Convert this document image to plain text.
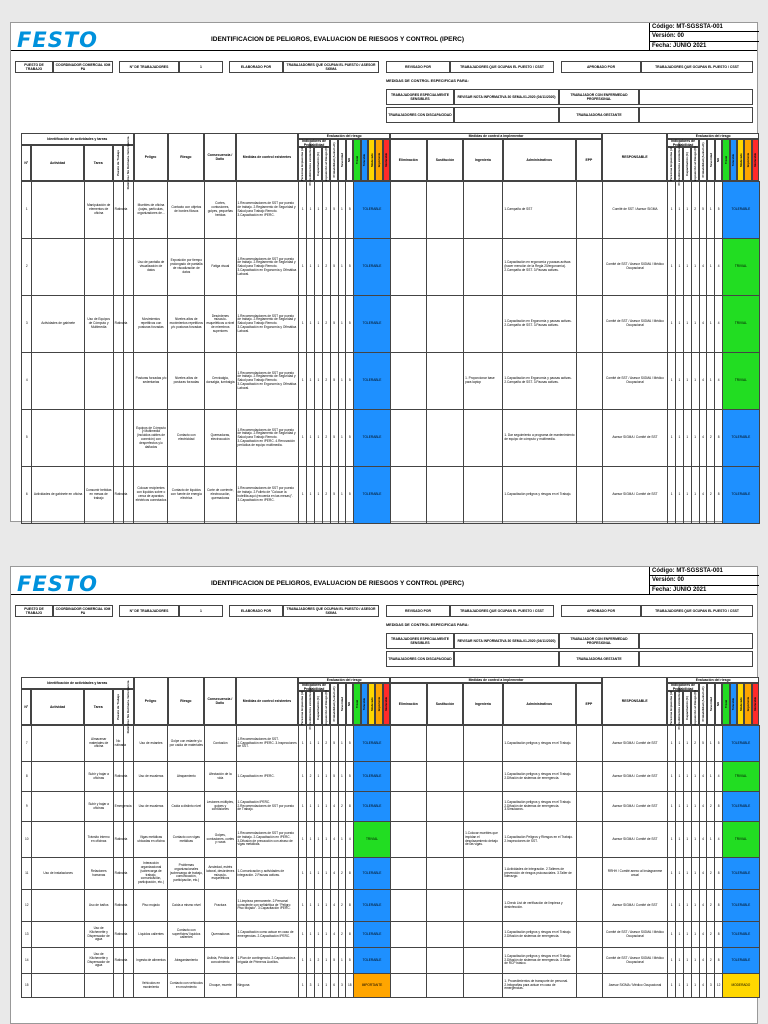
FESTO	IDENTIFICACION DE PELIGROS, EVALUACION DE RIESGOS Y CONTROL (IPERC)
Código: MT-SGSSTA-001
Versión: 00
Fecha: JUNIO 2021
PUESTO DE TRABAJO
COORDINADOR COMERCIAL IOM PA	N° DE TRABAJADORES	1	ELABORADO POR	TRABAJADORES QUE OCUPAN EL PUESTO / ASESOR SIGMA	REVISADO POR	TRABAJADORES QUE OCUPAN EL PUESTO / CSST	APROBADO POR	TRABAJADORES QUE OCUPAN EL PUESTO / CSST
MEDIDAS DE CONTROL ESPECIFICAS PARA:
TRABAJADORES ESPECIALMENTE SENSIBLES	REVISAR NOTA INFORMATIVA 30 SEMA-01-2020 (04/11/2020)	TRABAJADOR CON ENFERMEDAD PROFESIONAL
TRABAJADORES CON DISCAPACIDAD	TRABAJADORA GESTANTE
Identificación de actividades y tareas
N°	Actividad	Tarea	Puesto de Trabajo Rutinaria / No Rutinaria / Emergencia	Peligro	Riesgo	Consecuencia / Daño	Medidas de control existentes
Evaluación del riesgo
Indicadores de Probabilidad
Personas Expuestas (A) Procedimientos existentes (B) Capacitación (C) Exposición al Riesgo (D) Probabilidad (A+B+C+D) Severidad NR Trivial Tolerable Moderado Importante Intolerable
Medidas de control a implementar
Eliminación	Sustitución	Ingeniería	Administrativos	EPP
RESPONSABLE
Evaluación del riesgo
Indicadores de Probabilidad
Personas Expuestas (A) Procedimientos existentes (B) Capacitación (C) Exposición al Riesgo (D) Probabilidad (A+B+C+D) Severidad NR Trivial Tolerable Moderado Importante Intolerable
1		Manipulación de elementos de oficina	Rutinaria		Muebles de oficina (cajas, partículas, organizadores de...	Contacto con objetos de bordes filosos	Cortes, contusiones, golpes, pequeñas heridas	1.Recomendaciones de SST por puesto de trabajo. 2.Reglamento de Seguridad y Salud para Trabajo Remoto. 3.Capacitación en IPERC.	1	1	1	2	5	1	5	TOLERABLE				1.Campaña de SST		Comité de SST / Asesor SIGMA	1	1	1	2	5	1	5	TOLERABLE
2					Uso de pantalla de visualización de datos	Exposición por tiempo prolongado de pantalla de visualización de datos	Fatiga visual	1.Recomendaciones de SST por puesto de trabajo. 2.Reglamento de Seguridad y Salud para Trabajo Remoto. 3.Capacitación en Ergonomía y Ofimática Laboral.	1	1	1	2	5	1	5	TOLERABLE				1.Capacitación en ergonomía y pausas activas (hacer mención de la Regla 20/ergonomía). 2.Campaña de SST. 3.Pausas activas.		Comité de SST / Asesor SIGMA / Médico Ocupacional	1	1	1	1	4	1	4	TRIVIAL
3	Actividades de gabinete	Uso de Equipos de Cómputo y Multimedia	Rutinaria		Movimientos repetitivos con posturas forzadas	Niveles altos de movimientos repetitivos y/o posturas forzadas	Desórdenes músculo-esqueléticos a nivel de miembros superiores	1.Recomendaciones de SST por puesto de trabajo. 2.Reglamento de Seguridad y Salud para Trabajo Remoto. 3.Capacitación en Ergonomía y Ofimática Laboral.	1	1	1	2	5	1	5	TOLERABLE				1.Capacitación en Ergonomía y pausas activas. 2.Campaña de SST. 3.Pausas activas.		Comité de SST / Asesor SIGMA / Médico Ocupacional	1	1	1	1	4	1	4	TRIVIAL
4					Posturas forzadas y/o sedentarias	Niveles altos de posturas forzadas	Cervicalgia, dorsalgia, lumbalgia	1.Recomendaciones de SST por puesto de trabajo. 2.Reglamento de Seguridad y Salud para Trabajo Remoto. 3.Capacitación en Ergonomía y Ofimática Laboral.	1	1	1	2	5	1	5	TOLERABLE			1. Proporcionar base para laptop	1.Capacitación en Ergonomía y pausas activas. 2.Campaña de SST. 3.Pausas activas.		Comité de SST / Asesor SIGMA / Médico Ocupacional	1	1	1	1	4	1	4	TRIVIAL
5					Equipos de Cómputo y Multimedia (incluidos cables de conexión) con desperfectos y/o dañados	Contacto con electricidad	Quemaduras, electrocución	1.Recomendaciones de SST por puesto de trabajo. 2.Reglamento de Seguridad y Salud para Trabajo Remoto. 3.Capacitación en IPERC. 4.Renovación periódica de equipo multimedia.	1	1	1	2	5	1	5	TOLERABLE				1. Dar seguimiento a programa de mantenimiento de equipo de cómputo y multimedia.		Asesor SIGMA / Comité de SST	1	1	1	1	4	2	8	TOLERABLE
6	Actividades de gabinete en oficina	Consumir bebidas en mesas de trabajo	Rutinaria		Colocar recipientes con líquidos sobre o cerca de aparatos eléctricos conectados	Contacto de líquidos con fuente de energía eléctrica	Corte de corriente, electrocución, quemaduras	1.Recomendaciones de SST por puesto de trabajo. 2.Folleto de "Colocar la botellita aquí (recuerda en las mesas)". 3.Capacitación en IPERC.	1	1	1	2	5	1	5	TOLERABLE				1.Capacitación peligros y riesgos en el Trabajo.		Asesor SIGMA / Comité de SST	1	1	1	1	4	2	8	TOLERABLE
FESTO	IDENTIFICACION DE PELIGROS, EVALUACION DE RIESGOS Y CONTROL (IPERC)
Código: MT-SGSSTA-001
Versión: 00
Fecha: JUNIO 2021
PUESTO DE TRABAJO
COORDINADOR COMERCIAL IOM PA	N° DE TRABAJADORES	1	ELABORADO POR	TRABAJADORES QUE OCUPAN EL PUESTO / ASESOR SIGMA	REVISADO POR	TRABAJADORES QUE OCUPAN EL PUESTO / CSST	APROBADO POR	TRABAJADORES QUE OCUPAN EL PUESTO / CSST
MEDIDAS DE CONTROL ESPECIFICAS PARA:
TRABAJADORES ESPECIALMENTE SENSIBLES	REVISAR NOTA INFORMATIVA 30 SEMA-01-2020 (04/11/2020)	TRABAJADOR CON ENFERMEDAD PROFESIONAL
TRABAJADORES CON DISCAPACIDAD	TRABAJADORA GESTANTE
Identificación de actividades y tareas
N°	Actividad	Tarea	Puesto de Trabajo Rutinaria / No Rutinaria / Emergencia	Peligro	Riesgo	Consecuencia / Daño	Medidas de control existentes
Evaluación del riesgo
Indicadores de Probabilidad
Personas Expuestas (A) Procedimientos existentes (B) Capacitación (C) Exposición al Riesgo (D) Probabilidad (A+B+C+D) Severidad NR Trivial Tolerable Moderado Importante Intolerable
Medidas de control a implementar
Eliminación	Sustitución	Ingeniería	Administrativos	EPP
RESPONSABLE
Evaluación del riesgo
Indicadores de Probabilidad
Personas Expuestas (A) Procedimientos existentes (B) Capacitación (C) Exposición al Riesgo (D) Probabilidad (A+B+C+D) Severidad NR Trivial Tolerable Moderado Importante Intolerable
7		Almacenar materiales de oficina	No rutinaria		Uso de estantes	Golpe con estante y/o por caída de materiales	Contusión	1.Recomendaciones de SST. 2.Capacitación en IPERC. 3.Inspecciones de SST.	1	1	1	2	5	1	5	TOLERABLE				1.Capacitación peligros y riesgos en el Trabajo.		Asesor SIGMA / Comité de SST	1	1	1	2	5	1	5	TOLERABLE
8		Subir y bajar a oficinas	Rutinaria		Uso de escaleras	Atrapamiento	Afectación de la vida	1.Capacitación en IPERC.	1	2	1	1	5	1	5	TOLERABLE				1.Capacitación peligros y riesgos en el Trabajo. 2.Difusión de sistemas de emergencia.		Asesor SIGMA / Comité de SST	1	1	1	1	4	1	4	TRIVIAL
9		Subir y bajar a oficinas	Emergencia		Uso de escaleras	Caída a distinto nivel	Lesiones múltiples, golpes y contusiones	1.Capacitación IPERC. 2.Recomendaciones de SST por puesto de Trabajo.	1	1	1	1	4	2	8	TOLERABLE				1.Capacitación peligros y riesgos en el Trabajo. 2.Difusión de sistemas de emergencia. 3.Simulacros.		Asesor SIGMA / Comité de SST	1	1	1	1	4	2	8	TOLERABLE
10		Tránsito interno en oficinas	Rutinaria		Vigas metálicas ubicadas en oficina	Contacto con vigas metálicas	Golpes, contusiones, cortes y rozas	1.Recomendaciones de SST por puesto de trabajo. 2.Capacitación en IPERC. 3.Difusión de precaución con atraso de vigas metálicas.	1	1	1	1	4	1	4	TRIVIAL			1.Colocar muebles que impidan el desplazamiento debajo de las vigas.	1.Capacitación Peligros y Riesgos en el Trabajo. 2.Inspecciones de SST.		Asesor SIGMA / Comité de SST	1	1	1	1	4	1	4	TRIVIAL
11	Uso de instalaciones	Relaciones humanas	Rutinaria		Interacción organizacional (sobrecarga de trabajo, comunicación, participación, etc.)	Problemas organizacionales (sobrecarga de trabajo, comunicación, participación, etc.)	Ansiedad, estrés laboral, desórdenes músculo-esqueléticos	1.Comunicación y actividades de integración. 2.Pausas activas.	1	1	1	1	4	2	8	TOLERABLE				1.Actividades de integración. 2.Talleres de prevención de riesgos psicosociales. 3.Taller de liderazgo.		RRHH / Comité anexo al Instagramme anual	1	1	1	1	4	2	8	TOLERABLE
12		Uso de baños	Rutinaria		Piso mojado	Caída a mismo nivel	Fractura	1.Limpieza permanente. 2.Personal consciente con señalética de "Peligro Piso Mojado". 3.Capacitación IPERC.	1	1	1	1	4	2	8	TOLERABLE				1.Check List de verificación de limpieza y desinfección.		Asesor SIGMA / Comité de SST	1	1	1	1	4	2	8	TOLERABLE
13		Uso de Kitchenette y Dispensador de agua	Rutinaria		Líquidos calientes	Contacto con superficies/ líquidos calientes	Quemaduras	1.Capacitación como actuar en caso de emergencias. 2.Capacitación IPERC.	1	1	1	1	4	2	8	TOLERABLE				1.Capacitación peligros y riesgos en el Trabajo. 2.Difusión de sistemas de emergencia.		Comité de SST / Asesor SIGMA / Médico Ocupacional	1	1	1	1	4	2	8	TOLERABLE
14		Uso de Kitchenette y Dispensador de agua	Rutinaria		Ingesta de alimentos	Atragantamiento	Asfixia, Pérdida de conocimiento	1.Plan de contingencia. 2.Capacitación a brigada de Primeros Auxilios.	1	1	2	1	5	1	5	TOLERABLE				1.Capacitación peligros y riesgos en el Trabajo. 2.Difusión de sistemas de emergencia. 3.Taller de RCP básico.		Comité de SST / Asesor SIGMA / Médico Ocupacional	1	1	1	1	4	2	8	TOLERABLE
15					Vehículos en movimiento	Contacto con vehículos en movimiento	Choque, muerte	Ninguna	1	3	1	1	6	3	18	IMPORTANTE				1. Procedimientos de transporte de personal. 2.Infografías para actuar en caso de emergencias.		Asesor SIGMA / Médico Ocupacional	1	1	1	1	4	3	12	MODERADO
